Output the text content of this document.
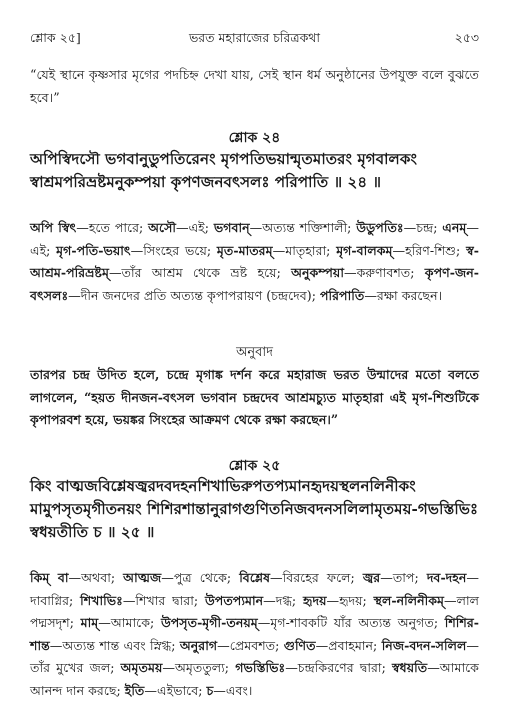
শ্লোক ২৫]	ভরত মহারাজের চরিত্রকথা	২৫৩

“যেই স্থানে কৃষ্ণসার মৃগের পদচিহ্ন দেখা যায়, সেই স্থান ধর্ম অনুষ্ঠানের উপযুক্ত বলে বুঝতে হবে।”

শ্লোক ২৪

অপিস্বিদসৌ ভগবানুডুপতিরেনং মৃগপতিভয়ান্মৃতমাতরং মৃগবালকং স্বাশ্রমপরিভ্রষ্টমনুকম্পয়া কৃপণজনবৎসলঃ পরিপাতি ॥ ২৪ ॥

অপি স্বিৎ—হতে পারে; অসৌ—এই; ভগবান্—অত্যন্ত শক্তিশালী; উডুপতিঃ—চন্দ্র; এনম্—এই; মৃগ-পতি-ভয়াৎ—সিংহের ভয়ে; মৃত-মাতরম্—মাতৃহারা; মৃগ-বালকম্—হরিণ-শিশু; স্ব-আশ্রম-পরিভ্রষ্টম্—তাঁর আশ্রম থেকে ভ্রষ্ট হয়ে; অনুকম্পয়া—করুণাবশত; কৃপণ-জন-বৎসলঃ—দীন জনদের প্রতি অত্যন্ত কৃপাপরায়ণ (চন্দ্রদেব); পরিপাতি—রক্ষা করছেন।

অনুবাদ

তারপর চন্দ্র উদিত হলে, চন্দ্রে মৃগাঙ্ক দর্শন করে মহারাজ ভরত উন্মাদের মতো বলতে লাগলেন, “হয়ত দীনজন-বৎসল ভগবান চন্দ্রদেব আশ্রমচ্যুত মাতৃহারা এই মৃগ-শিশুটিকে কৃপাপরবশ হয়ে, ভয়ঙ্কর সিংহের আক্রমণ থেকে রক্ষা করছেন।”

শ্লোক ২৫

কিং বাত্মজবিশ্লেষজ্বরদবদহনশিখাভিরুপতপ্যমানহৃদয়স্থলনলিনীকং মামুপসৃতমৃগীতনয়ং শিশিরশান্তানুরাগগুণিতনিজবদনসলিলামৃতময়-গভস্তিভিঃ স্বধয়তীতি চ ॥ ২৫ ॥

কিম্ বা—অথবা; আত্মজ—পুত্র থেকে; বিশ্লেষ—বিরহের ফলে; জ্বর—তাপ; দব-দহন—দাবাগ্নির; শিখাভিঃ—শিখার দ্বারা; উপতপ্যমান—দগ্ধ; হৃদয়—হৃদয়; স্থল-নলিনীকম্—লাল পদ্মসদৃশ; মাম্—আমাকে; উপসৃত-মৃগী-তনয়ম্—মৃগ-শাবকটি যাঁর অত্যন্ত অনুগত; শিশির-শান্ত—অত্যন্ত শান্ত এবং স্নিগ্ধ; অনুরাগ—প্রেমবশত; গুণিত—প্রবাহমান; নিজ-বদন-সলিল—তাঁর মুখের জল; অমৃতময়—অমৃততুল্য; গভস্তিভিঃ—চন্দ্রকিরণের দ্বারা; স্বধয়তি—আমাকে আনন্দ দান করছে; ইতি—এইভাবে; চ—এবং।
